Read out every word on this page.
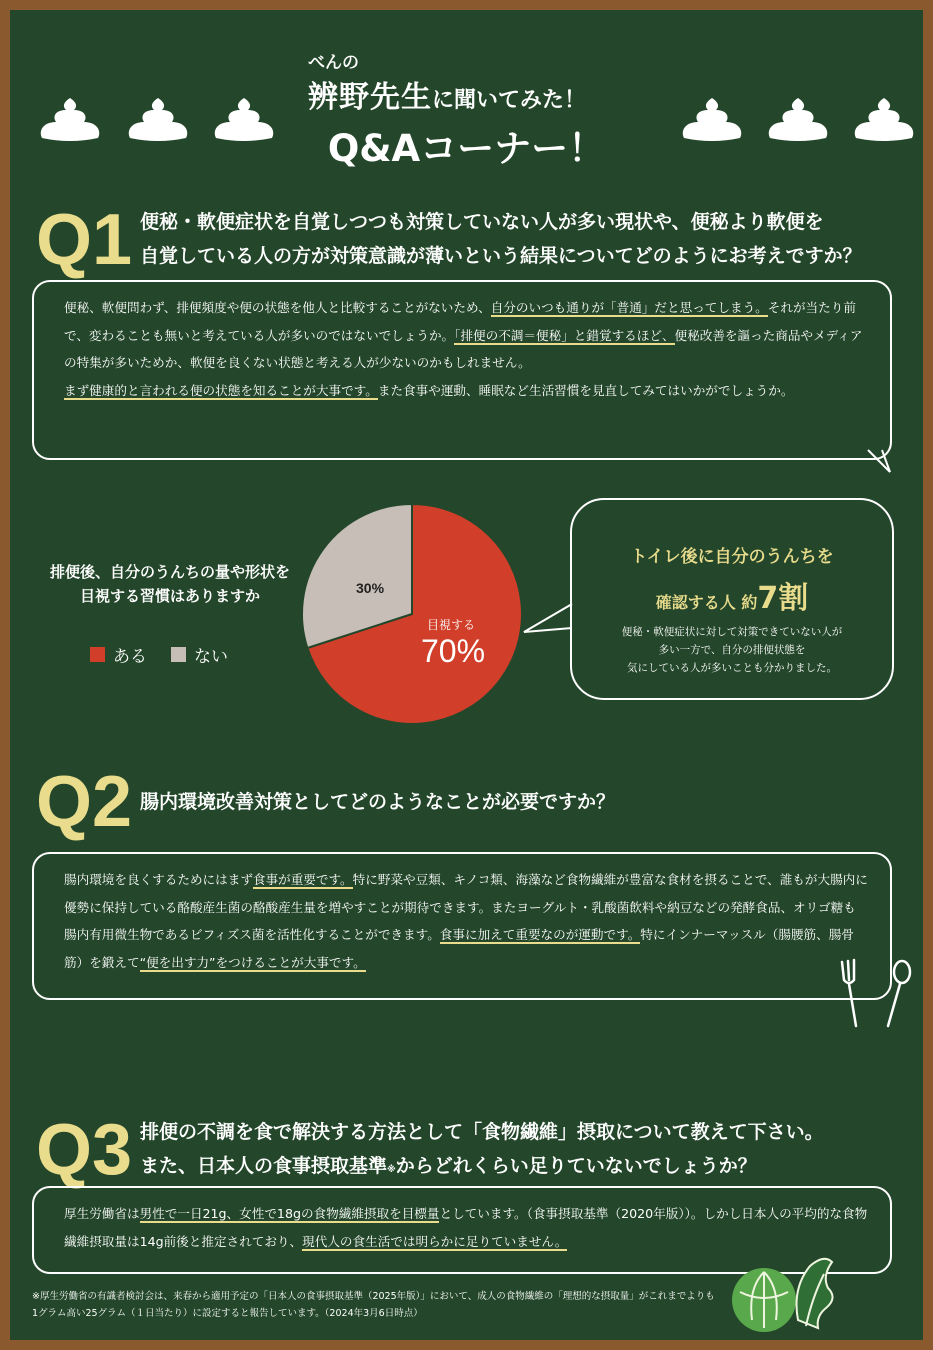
べんの
辨野先生に聞いてみた！
Q&Aコーナー！
Q1 便秘・軟便症状を自覚しつつも対策していない人が多い現状や、便秘より軟便を
自覚している人の方が対策意識が薄いという結果についてどのようにお考えですか？

便秘、軟便問わず、排便頻度や便の状態を他人と比較することがないため、自分のいつも通りが「普通」だと思ってしまう。それが当たり前で、変わることも無いと考えている人が多いのではないでしょうか。「排便の不調＝便秘」と錯覚するほど、便秘改善を謳った商品やメディアの特集が多いためか、軟便を良くない状態と考える人が少ないのかもしれません。
まず健康的と言われる便の状態を知ることが大事です。また食事や運動、睡眠など生活習慣を見直してみてはいかがでしょうか。

排便後、自分のうんちの量や形状を
目視する習慣はありますか
ある	ない
30%
目視する
70%
トイレ後に自分のうんちを
確認する人 約7割
便秘・軟便症状に対して対策できていない人が
多い一方で、自分の排便状態を
気にしている人が多いことも分かりました。
Q2 腸内環境改善対策としてどのようなことが必要ですか？

腸内環境を良くするためにはまず食事が重要です。特に野菜や豆類、キノコ類、海藻など食物繊維が豊富な食材を摂ることで、誰もが大腸内に優勢に保持している酪酸産生菌の酪酸産生量を増やすことが期待できます。またヨーグルト・乳酸菌飲料や納豆などの発酵食品、オリゴ糖も腸内有用微生物であるビフィズス菌を活性化することができます。食事に加えて重要なのが運動です。特にインナーマッスル（腸腰筋、腸骨筋）を鍛えて“便を出す力”をつけることが大事です。

Q3 排便の不調を食で解決する方法として「食物繊維」摂取について教えて下さい。
また、日本人の食事摂取基準※からどれくらい足りていないでしょうか？

厚生労働省は男性で一日21g、女性で18gの食物繊維摂取を目標量としています。（食事摂取基準（2020年版））。しかし日本人の平均的な食物繊維摂取量は14g前後と推定されており、現代人の食生活では明らかに足りていません。

※厚生労働省の有識者検討会は、来春から適用予定の「日本人の食事摂取基準（2025年版）」において、成人の食物繊維の「理想的な摂取量」がこれまでよりも
1グラム高い25グラム（１日当たり）に設定すると報告しています。（2024年3月6日時点）
